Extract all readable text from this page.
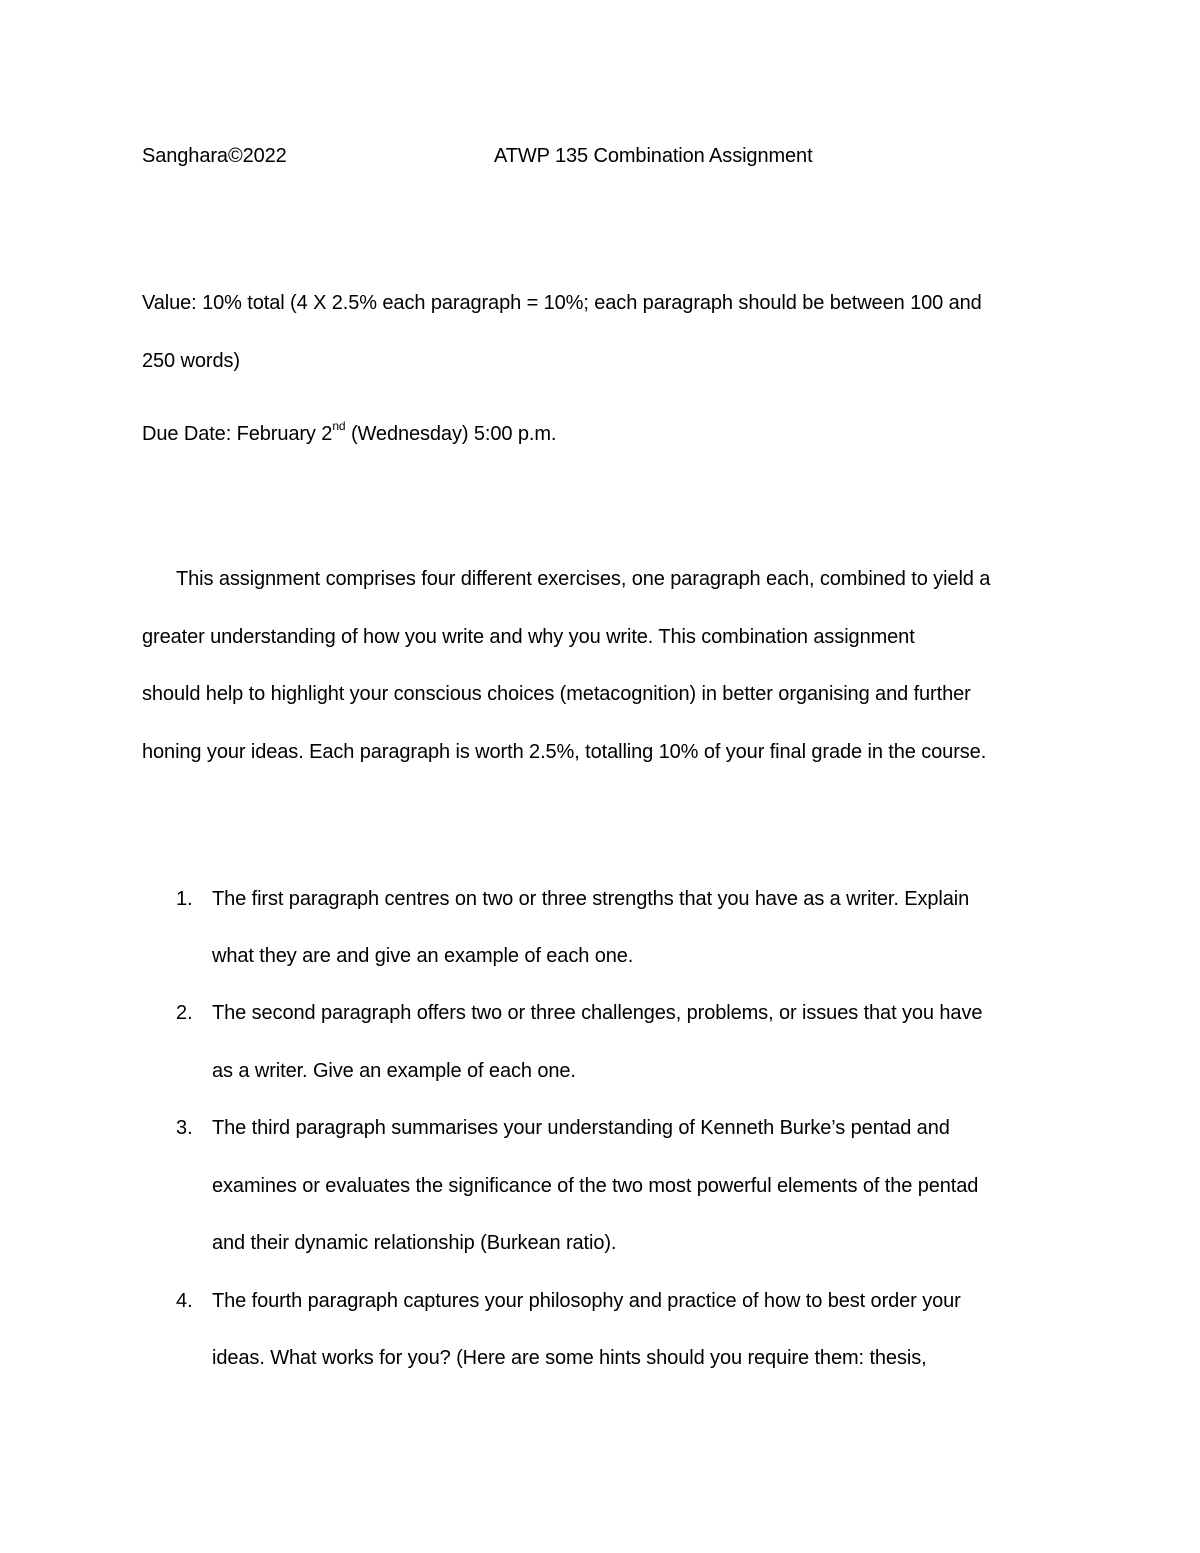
Sanghara©2022	ATWP 135 Combination Assignment
Value: 10% total (4 X 2.5% each paragraph = 10%; each paragraph should be between 100 and
250 words)
Due Date: February 2nd (Wednesday) 5:00 p.m.
This assignment comprises four different exercises, one paragraph each, combined to yield a
greater understanding of how you write and why you write. This combination assignment
should help to highlight your conscious choices (metacognition) in better organising and further
honing your ideas. Each paragraph is worth 2.5%, totalling 10% of your final grade in the course.
1. The first paragraph centres on two or three strengths that you have as a writer. Explain
what they are and give an example of each one.
2. The second paragraph offers two or three challenges, problems, or issues that you have
as a writer. Give an example of each one.
3. The third paragraph summarises your understanding of Kenneth Burke’s pentad and
examines or evaluates the significance of the two most powerful elements of the pentad
and their dynamic relationship (Burkean ratio).
4. The fourth paragraph captures your philosophy and practice of how to best order your
ideas. What works for you? (Here are some hints should you require them: thesis,
